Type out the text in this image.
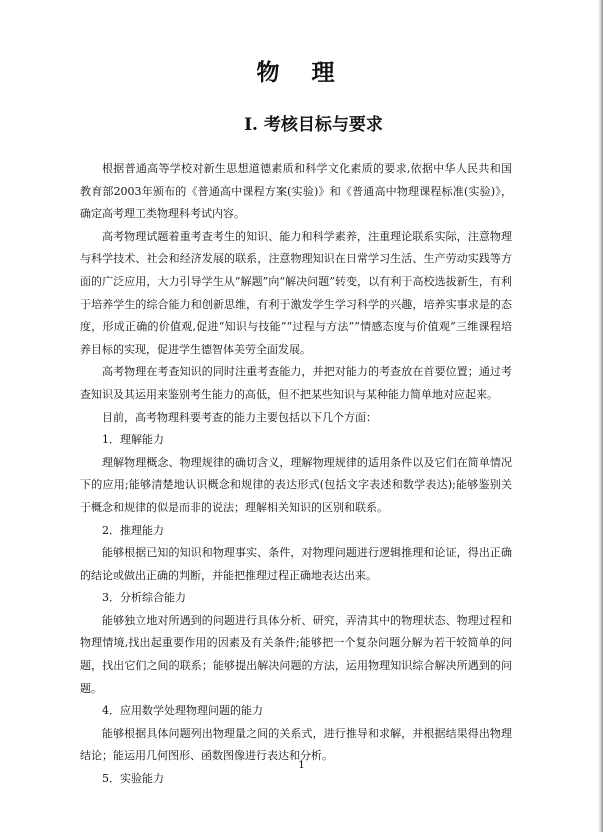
物 理
Ⅰ. 考核目标与要求

根据普通高等学校对新生思想道德素质和科学文化素质的要求,依据中华人民共和国教育部2003年颁布的《普通高中课程方案(实验)》和《普通高中物理课程标准(实验)》，确定高考理工类物理科考试内容。

高考物理试题着重考查考生的知识、能力和科学素养，注重理论联系实际，注意物理与科学技术、社会和经济发展的联系，注意物理知识在日常学习生活、生产劳动实践等方面的广泛应用，大力引导学生从“解题”向“解决问题”转变，以有利于高校选拔新生，有利于培养学生的综合能力和创新思维，有利于激发学生学习科学的兴趣，培养实事求是的态度，形成正确的价值观,促进“知识与技能”“过程与方法”“情感态度与价值观”三维课程培养目标的实现，促进学生德智体美劳全面发展。

高考物理在考查知识的同时注重考查能力，并把对能力的考查放在首要位置；通过考查知识及其运用来鉴别考生能力的高低，但不把某些知识与某种能力简单地对应起来。

目前，高考物理科要考查的能力主要包括以下几个方面：

1．理解能力

理解物理概念、物理规律的确切含义，理解物理规律的适用条件以及它们在简单情况下的应用;能够清楚地认识概念和规律的表达形式(包括文字表述和数学表达);能够鉴别关于概念和规律的似是而非的说法；理解相关知识的区别和联系。

2．推理能力

能够根据已知的知识和物理事实、条件，对物理问题进行逻辑推理和论证，得出正确的结论或做出正确的判断，并能把推理过程正确地表达出来。

3．分析综合能力

能够独立地对所遇到的问题进行具体分析、研究，弄清其中的物理状态、物理过程和物理情境,找出起重要作用的因素及有关条件;能够把一个复杂问题分解为若干较简单的问题，找出它们之间的联系；能够提出解决问题的方法，运用物理知识综合解决所遇到的问题。

4．应用数学处理物理问题的能力

能够根据具体问题列出物理量之间的关系式，进行推导和求解，并根据结果得出物理结论；能运用几何图形、函数图像进行表达和分析。

5．实验能力

1
